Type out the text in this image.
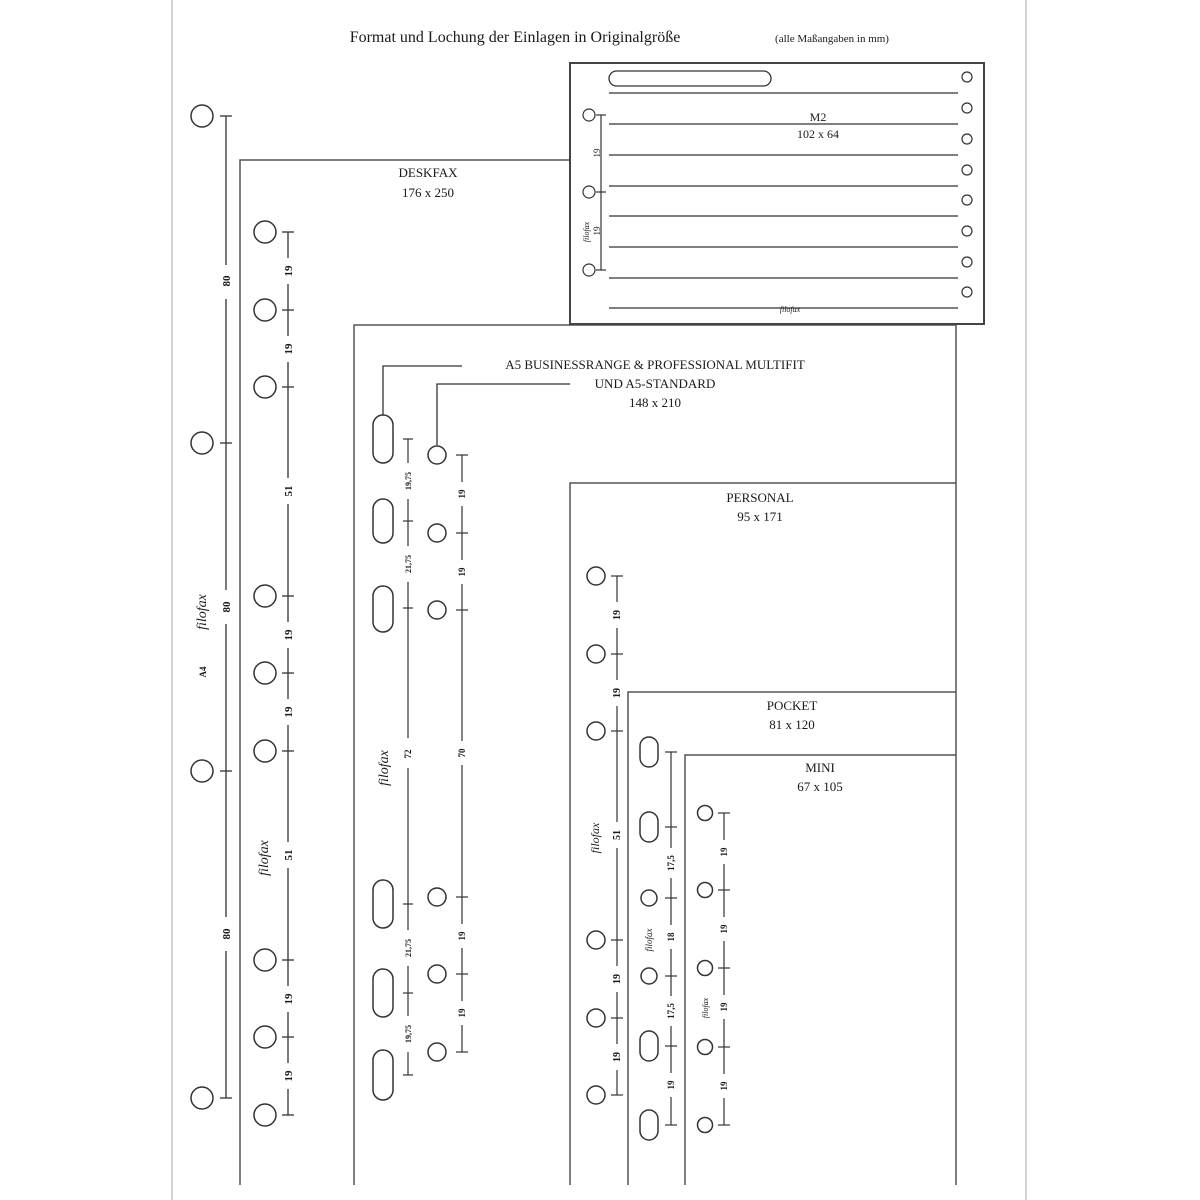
Format und Lochung der Einlagen in Originalgröße	(alle Maßangaben in mm)
19
19
filofax
filofax
M2
102 x 64
DESKFAX
176 x 250
A5 BUSINESSRANGE & PROFESSIONAL MULTIFIT
UND A5-STANDARD
148 x 210
PERSONAL
95 x 171
POCKET
81 x 120
MINI
67 x 105
80
80
80
A4
filofax
19
19
51
19
19
51
19
19
filofax
19,75
21,75
72
21,75
19,75
filofax
19
19
70
19
19
19
19
51
19
19
filofax
17,5
18
17,5
19
filofax
19
19
19
19
filofax
